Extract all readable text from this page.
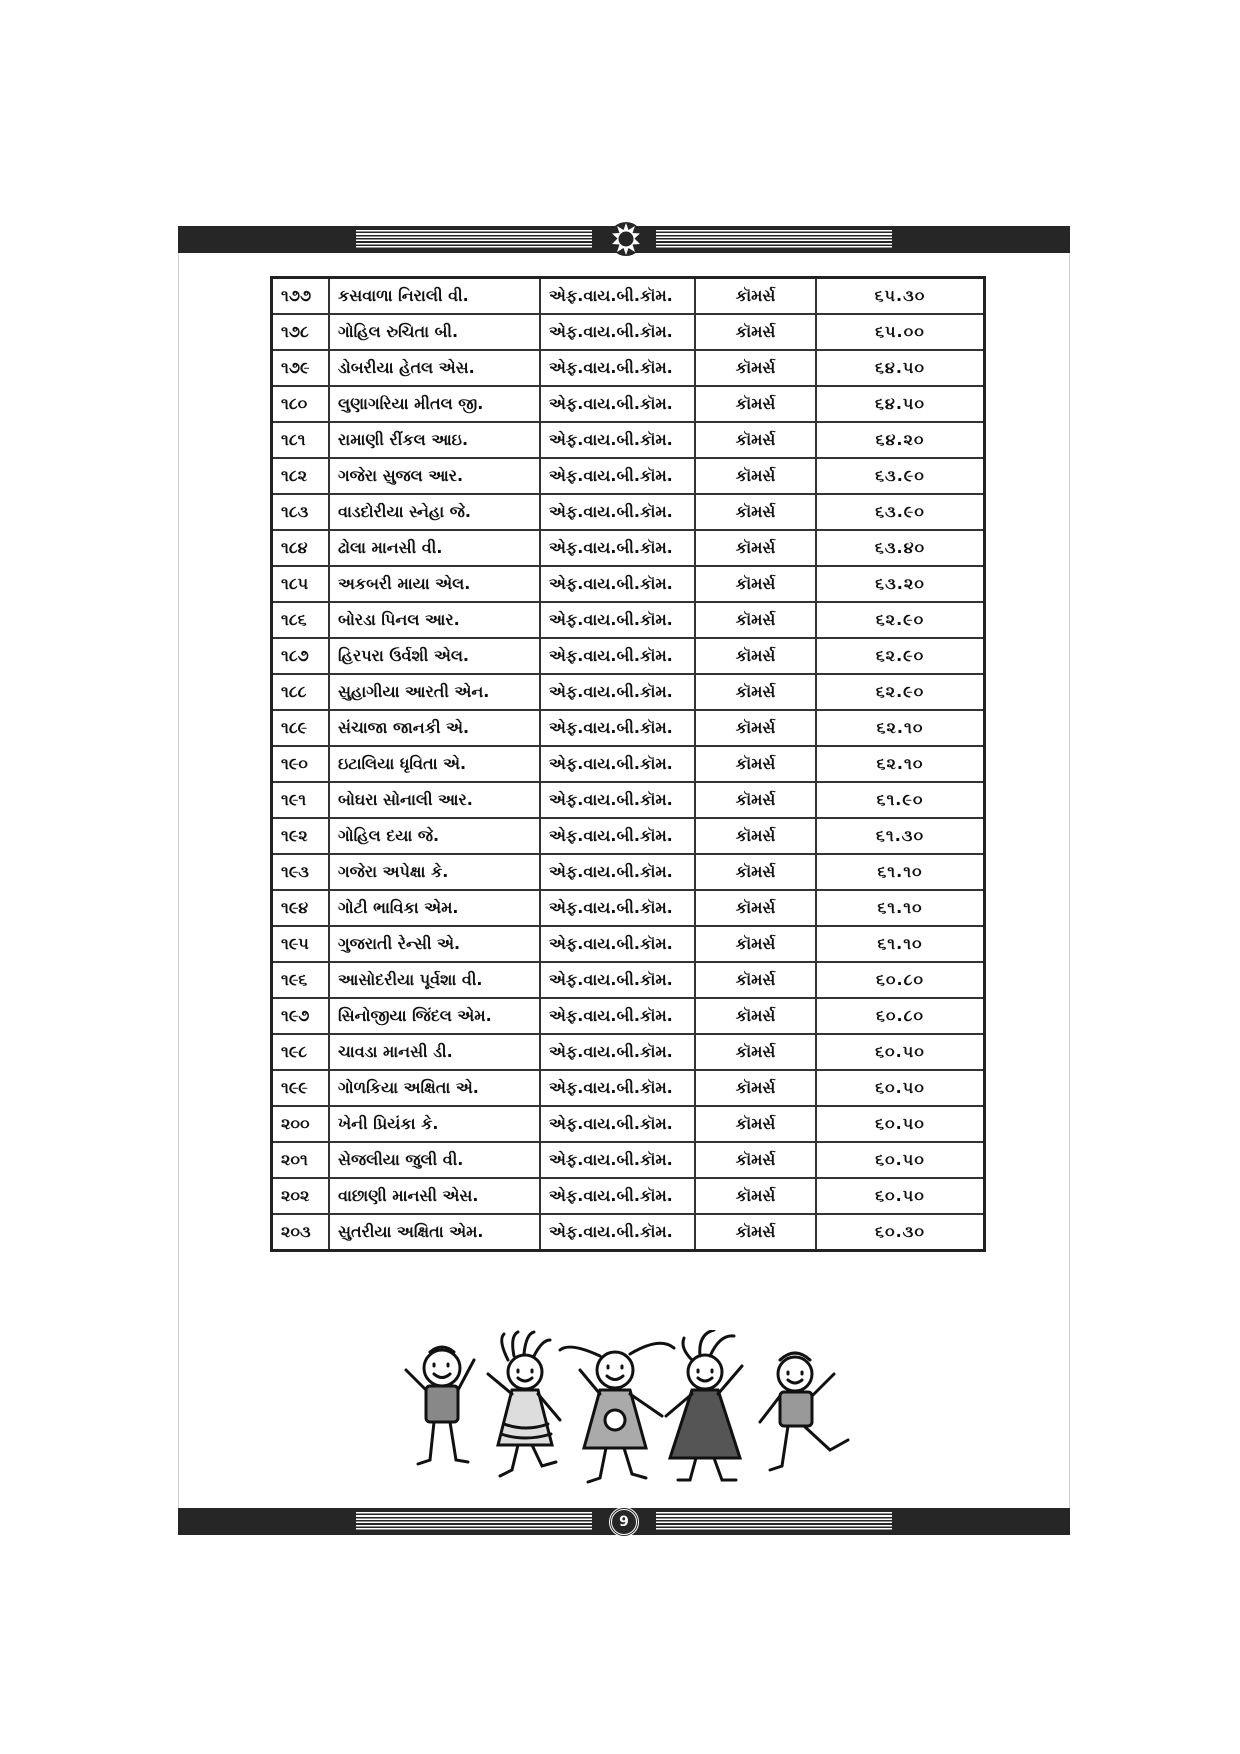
૧૭૭	કસવાળા નિરાલી વી.	એફ.વાય.બી.કૉમ.	કૉમર્સ	૬૫.૩૦
૧૭૮	ગોહિલ રુચિતા બી.	એફ.વાય.બી.કૉમ.	કૉમર્સ	૬૫.૦૦
૧૭૯	ડોબરીયા હેતલ એસ.	એફ.વાય.બી.કૉમ.	કૉમર્સ	૬૪.૫૦
૧૮૦	લુણાગરિયા મીતલ જી.	એફ.વાય.બી.કૉમ.	કૉમર્સ	૬૪.૫૦
૧૮૧	રામાણી રીંકલ આઇ.	એફ.વાય.બી.કૉમ.	કૉમર્સ	૬૪.૨૦
૧૮૨	ગજેરા સુજલ આર.	એફ.વાય.બી.કૉમ.	કૉમર્સ	૬૩.૯૦
૧૮૩	વાડદોરીયા સ્નેહા જે.	એફ.વાય.બી.કૉમ.	કૉમર્સ	૬૩.૯૦
૧૮૪	ઢોલા માનસી વી.	એફ.વાય.બી.કૉમ.	કૉમર્સ	૬૩.૪૦
૧૮૫	અકબરી માયા એલ.	એફ.વાય.બી.કૉમ.	કૉમર્સ	૬૩.૨૦
૧૮૬	બોરડા પિનલ આર.	એફ.વાય.બી.કૉમ.	કૉમર્સ	૬૨.૯૦
૧૮૭	હિરપરા ઉર્વશી એલ.	એફ.વાય.બી.કૉમ.	કૉમર્સ	૬૨.૯૦
૧૮૮	સુહાગીયા આરતી એન.	એફ.વાય.બી.કૉમ.	કૉમર્સ	૬૨.૯૦
૧૮૯	સંચાજા જાનકી એ.	એફ.વાય.બી.કૉમ.	કૉમર્સ	૬૨.૧૦
૧૯૦	ઇટાલિયા ધૃવિતા એ.	એફ.વાય.બી.કૉમ.	કૉમર્સ	૬૨.૧૦
૧૯૧	બોઘરા સોનાલી આર.	એફ.વાય.બી.કૉમ.	કૉમર્સ	૬૧.૯૦
૧૯૨	ગોહિલ દયા જે.	એફ.વાય.બી.કૉમ.	કૉમર્સ	૬૧.૩૦
૧૯૩	ગજેરા અપેક્ષા કે.	એફ.વાય.બી.કૉમ.	કૉમર્સ	૬૧.૧૦
૧૯૪	ગોટી ભાવિકા એમ.	એફ.વાય.બી.કૉમ.	કૉમર્સ	૬૧.૧૦
૧૯૫	ગુજરાતી રેન્સી એ.	એફ.વાય.બી.કૉમ.	કૉમર્સ	૬૧.૧૦
૧૯૬	આસોદરીયા પૂર્વશા વી.	એફ.વાય.બી.કૉમ.	કૉમર્સ	૬૦.૮૦
૧૯૭	સિનોજીયા જિંદલ એમ.	એફ.વાય.બી.કૉમ.	કૉમર્સ	૬૦.૮૦
૧૯૮	ચાવડા માનસી ડી.	એફ.વાય.બી.કૉમ.	કૉમર્સ	૬૦.૫૦
૧૯૯	ગોળકિયા અક્ષિતા એ.	એફ.વાય.બી.કૉમ.	કૉમર્સ	૬૦.૫૦
૨૦૦	ખેની પ્રિયંકા કે.	એફ.વાય.બી.કૉમ.	કૉમર્સ	૬૦.૫૦
૨૦૧	સેજલીયા જુલી વી.	એફ.વાય.બી.કૉમ.	કૉમર્સ	૬૦.૫૦
૨૦૨	વાછાણી માનસી એસ.	એફ.વાય.બી.કૉમ.	કૉમર્સ	૬૦.૫૦
૨૦૩	સુતરીયા અક્ષિતા એમ.	એફ.વાય.બી.કૉમ.	કૉમર્સ	૬૦.૩૦
9
